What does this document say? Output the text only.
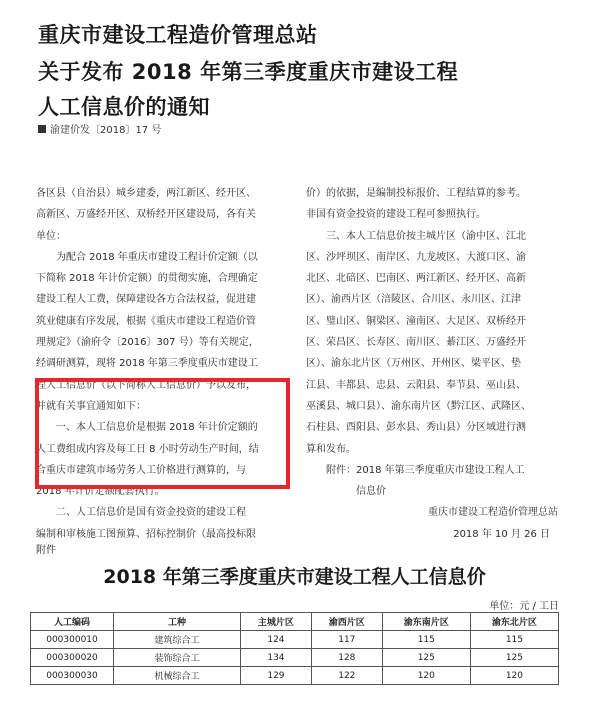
重庆市建设工程造价管理总站
关于发布 2018 年第三季度重庆市建设工程
人工信息价的通知
渝建价发〔2018〕17 号

各区县（自治县）城乡建委，两江新区、经开区、

高新区、万盛经开区、双桥经开区建设局，各有关

单位：

　　为配合 2018 年重庆市建设工程计价定额（以

下简称 2018 年计价定额）的贯彻实施，合理确定

建设工程人工费，保障建设各方合法权益，促进建

筑业健康有序发展，根据《重庆市建设工程造价管

理规定》（渝府令〔2016〕307 号）等有关规定，

经调研测算，现将 2018 年第三季度重庆市建设工

程人工信息价（以下简称人工信息价）予以发布，

并就有关事宜通知如下：

　　一、本人工信息价是根据 2018 年计价定额的

人工费组成内容及每工日 8 小时劳动生产时间，结

合重庆市建筑市场劳务人工价格进行测算的，与

2018 年计价定额配套执行。

　　二、人工信息价是国有资金投资的建设工程

编制和审核施工图预算、招标控制价（最高投标限

价）的依据，是编制投标报价、工程结算的参考。

非国有资金投资的建设工程可参照执行。

　　三、本人工信息价按主城片区（渝中区、江北

区、沙坪坝区、南岸区、九龙坡区、大渡口区、渝

北区、北碚区、巴南区、两江新区、经开区、高新

区）、渝西片区（涪陵区、合川区、永川区、江津

区、璧山区、铜梁区、潼南区、大足区、双桥经开

区、荣昌区、长寿区、南川区、綦江区、万盛经开

区）、渝东北片区（万州区、开州区、梁平区、垫

江县、丰都县、忠县、云阳县、奉节县、巫山县、

巫溪县、城口县）、渝东南片区（黔江区、武隆区、

石柱县、酉阳县、彭水县、秀山县）分区域进行测

算和发布。

　　附件：2018 年第三季度重庆市建设工程人工

　　　　　信息价

重庆市建设工程造价管理总站

2018 年 10 月 26 日

附件
2018 年第三季度重庆市建设工程人工信息价
单位：元 / 工日
人工编码	工种	主城片区	渝西片区	渝东南片区	渝东北片区
000300010	建筑综合工	124	117	115	115
000300020	装饰综合工	134	128	125	125
000300030	机械综合工	129	122	120	120
